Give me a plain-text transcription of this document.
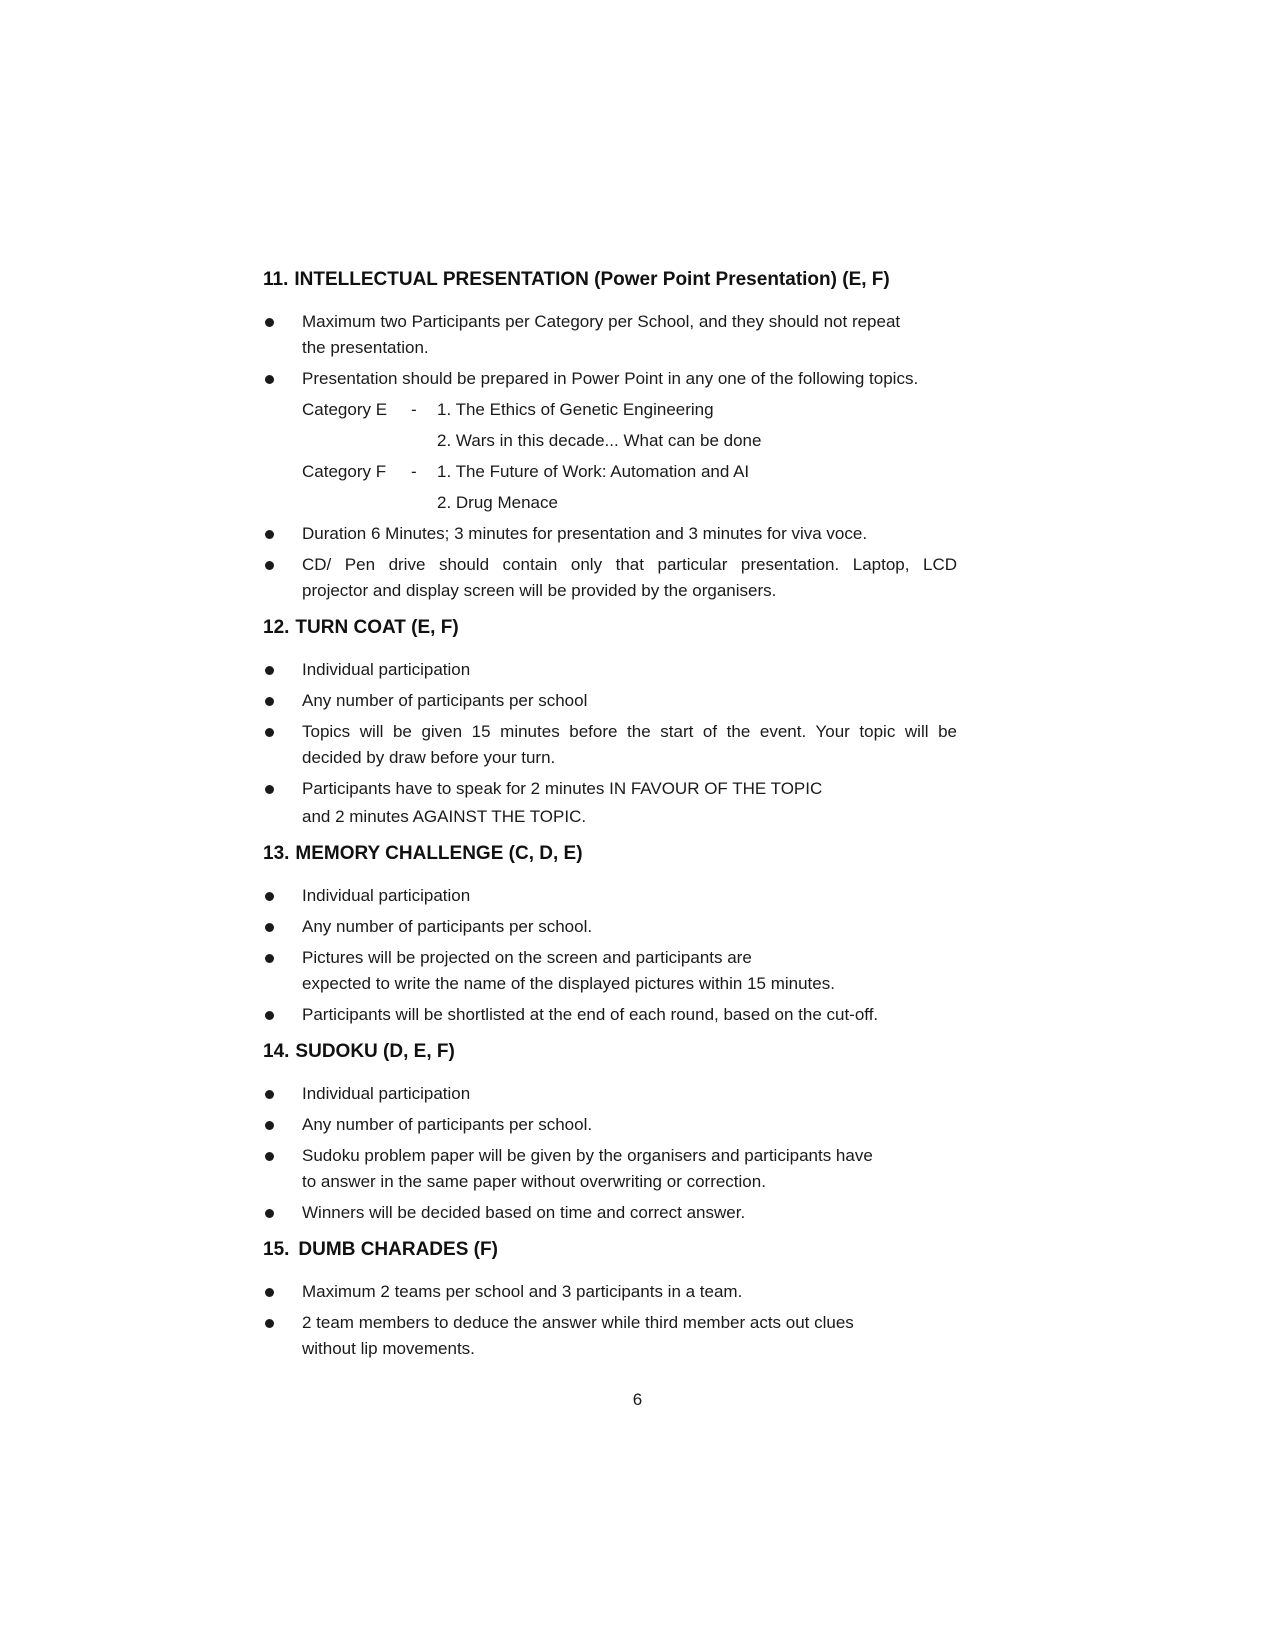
11. INTELLECTUAL PRESENTATION (Power Point Presentation) (E, F)
Maximum two Participants per Category per School, and they should not repeat
the presentation.
Presentation should be prepared in Power Point in any one of the following topics.
Category E	-	1. The Ethics of Genetic Engineering
2. Wars in this decade... What can be done
Category F	-	1. The Future of Work: Automation and AI
2. Drug Menace
Duration 6 Minutes; 3 minutes for presentation and 3 minutes for viva voce.
CD/ Pen drive should contain only that particular presentation. Laptop, LCD
projector and display screen will be provided by the organisers.
12. TURN COAT (E, F)
Individual participation
Any number of participants per school
Topics will be given 15 minutes before the start of the event. Your topic will be
decided by draw before your turn.
Participants have to speak for 2 minutes IN FAVOUR OF THE TOPIC
and 2 minutes AGAINST THE TOPIC.
13. MEMORY CHALLENGE (C, D, E)
Individual participation
Any number of participants per school.
Pictures will be projected on the screen and participants are
expected to write the name of the displayed pictures within 15 minutes.
Participants will be shortlisted at the end of each round, based on the cut-off.
14. SUDOKU (D, E, F)
Individual participation
Any number of participants per school.
Sudoku problem paper will be given by the organisers and participants have
to answer in the same paper without overwriting or correction.
Winners will be decided based on time and correct answer.
15. DUMB CHARADES (F)
Maximum 2 teams per school and 3 participants in a team.
2 team members to deduce the answer while third member acts out clues
without lip movements.
6
